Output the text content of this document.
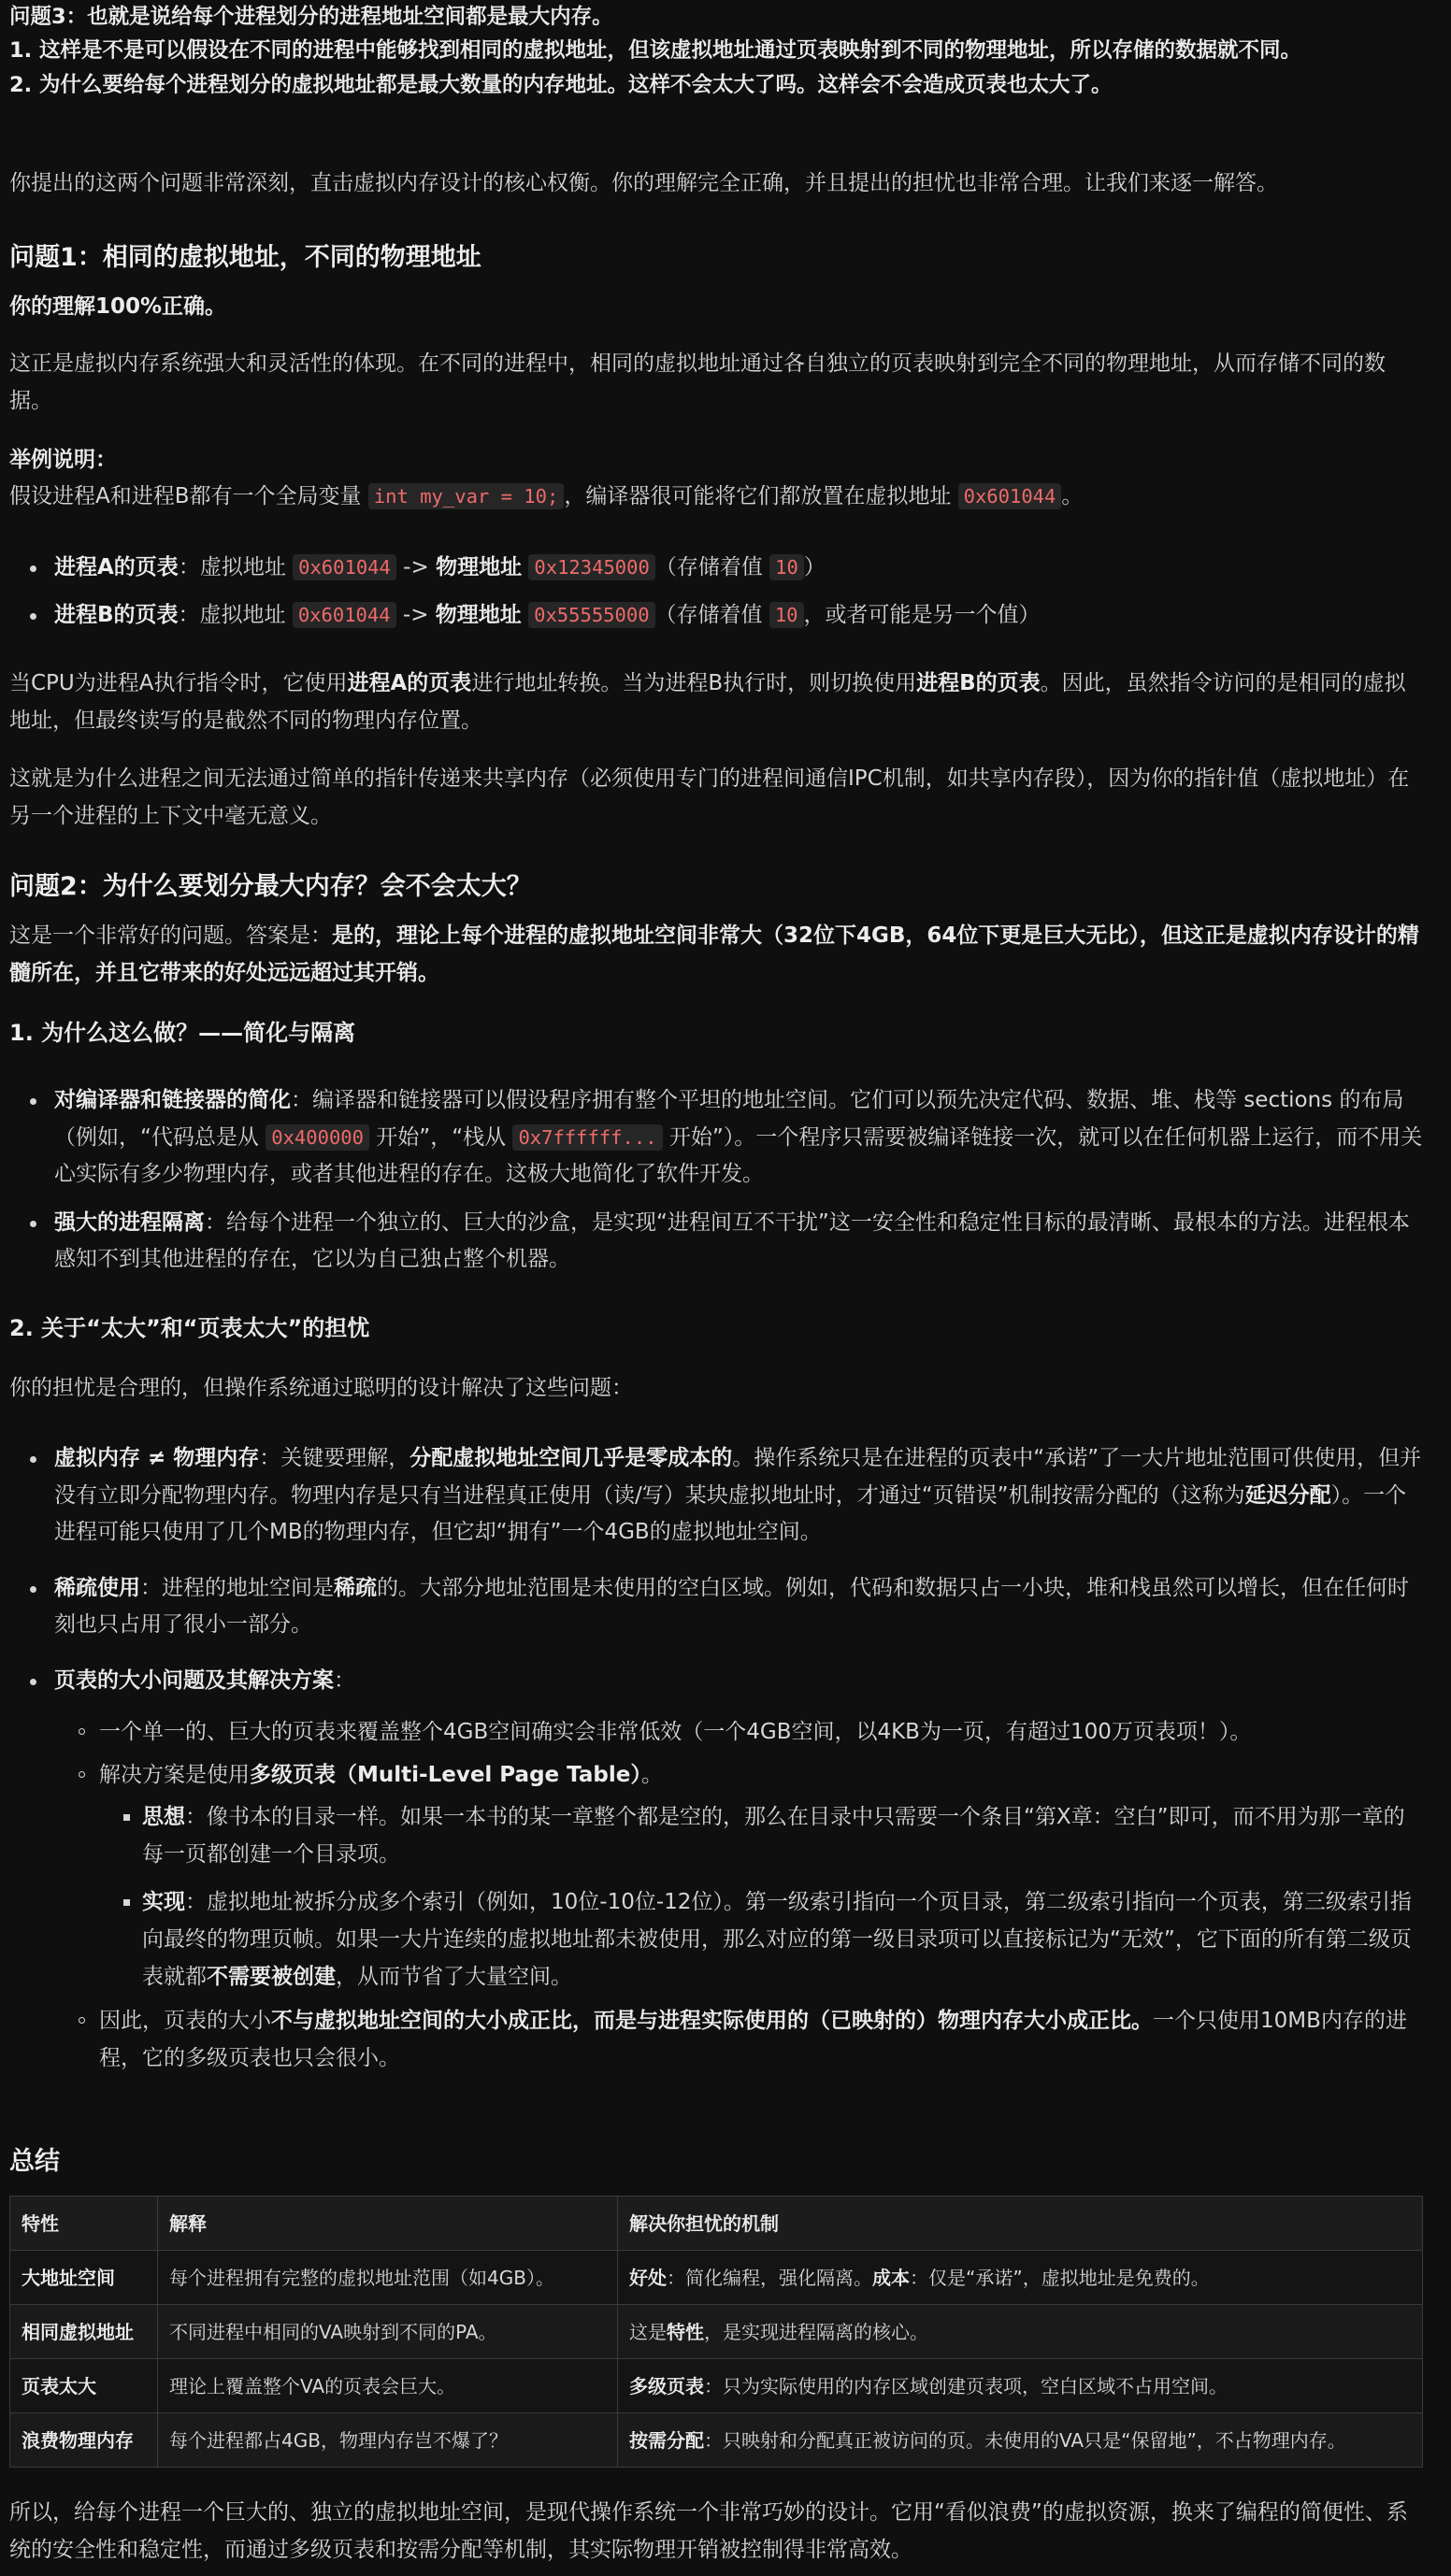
问题3：也就是说给每个进程划分的进程地址空间都是最大内存。
1. 这样是不是可以假设在不同的进程中能够找到相同的虚拟地址，但该虚拟地址通过页表映射到不同的物理地址，所以存储的数据就不同。
2. 为什么要给每个进程划分的虚拟地址都是最大数量的内存地址。这样不会太大了吗。这样会不会造成页表也太大了。

你提出的这两个问题非常深刻，直击虚拟内存设计的核心权衡。你的理解完全正确，并且提出的担忧也非常合理。让我们来逐一解答。

问题1：相同的虚拟地址，不同的物理地址

你的理解100%正确。

这正是虚拟内存系统强大和灵活性的体现。在不同的进程中，相同的虚拟地址通过各自独立的页表映射到完全不同的物理地址，从而存储不同的数据。

举例说明：

假设进程A和进程B都有一个全局变量 int my_var = 10; ，编译器很可能将它们都放置在虚拟地址 0x601044 。

进程A的页表：虚拟地址 0x601044 -> 物理地址 0x12345000 （存储着值 10 ）
进程B的页表：虚拟地址 0x601044 -> 物理地址 0x55555000 （存储着值 10 ，或者可能是另一个值）

当CPU为进程A执行指令时，它使用进程A的页表进行地址转换。当为进程B执行时，则切换使用进程B的页表。因此，虽然指令访问的是相同的虚拟地址，但最终读写的是截然不同的物理内存位置。

这就是为什么进程之间无法通过简单的指针传递来共享内存（必须使用专门的进程间通信IPC机制，如共享内存段），因为你的指针值（虚拟地址）在另一个进程的上下文中毫无意义。

问题2：为什么要划分最大内存？会不会太大？

这是一个非常好的问题。答案是：是的，理论上每个进程的虚拟地址空间非常大（32位下4GB，64位下更是巨大无比），但这正是虚拟内存设计的精髓所在，并且它带来的好处远远超过其开销。

1. 为什么这么做？——简化与隔离
对编译器和链接器的简化：编译器和链接器可以假设程序拥有整个平坦的地址空间。它们可以预先决定代码、数据、堆、栈等 sections 的布局（例如，“代码总是从 0x400000 开始”，“栈从 0x7ffffff... 开始”）。一个程序只需要被编译链接一次，就可以在任何机器上运行，而不用关心实际有多少物理内存，或者其他进程的存在。这极大地简化了软件开发。
强大的进程隔离：给每个进程一个独立的、巨大的沙盒，是实现“进程间互不干扰”这一安全性和稳定性目标的最清晰、最根本的方法。进程根本感知不到其他进程的存在，它以为自己独占整个机器。
2. 关于“太大”和“页表太大”的担忧

你的担忧是合理的，但操作系统通过聪明的设计解决了这些问题：

虚拟内存 ≠ 物理内存：关键要理解，分配虚拟地址空间几乎是零成本的。操作系统只是在进程的页表中“承诺”了一大片地址范围可供使用，但并没有立即分配物理内存。物理内存是只有当进程真正使用（读/写）某块虚拟地址时，才通过“页错误”机制按需分配的（这称为延迟分配）。一个进程可能只使用了几个MB的物理内存，但它却“拥有”一个4GB的虚拟地址空间。
稀疏使用：进程的地址空间是稀疏的。大部分地址范围是未使用的空白区域。例如，代码和数据只占一小块，堆和栈虽然可以增长，但在任何时刻也只占用了很小一部分。
页表的大小问题及其解决方案：
一个单一的、巨大的页表来覆盖整个4GB空间确实会非常低效（一个4GB空间，以4KB为一页，有超过100万页表项！）。
解决方案是使用多级页表（Multi-Level Page Table）。
思想：像书本的目录一样。如果一本书的某一章整个都是空的，那么在目录中只需要一个条目“第X章：空白”即可，而不用为那一章的每一页都创建一个目录项。
实现：虚拟地址被拆分成多个索引（例如，10位-10位-12位）。第一级索引指向一个页目录，第二级索引指向一个页表，第三级索引指向最终的物理页帧。如果一大片连续的虚拟地址都未被使用，那么对应的第一级目录项可以直接标记为“无效”，它下面的所有第二级页表就都不需要被创建，从而节省了大量空间。
因此，页表的大小不与虚拟地址空间的大小成正比，而是与进程实际使用的（已映射的）物理内存大小成正比。一个只使用10MB内存的进程，它的多级页表也只会很小。
总结
特性	解释	解决你担忧的机制
大地址空间	每个进程拥有完整的虚拟地址范围（如4GB）。	好处：简化编程，强化隔离。成本：仅是“承诺”，虚拟地址是免费的。
相同虚拟地址	不同进程中相同的VA映射到不同的PA。	这是特性，是实现进程隔离的核心。
页表太大	理论上覆盖整个VA的页表会巨大。	多级页表：只为实际使用的内存区域创建页表项，空白区域不占用空间。
浪费物理内存	每个进程都占4GB，物理内存岂不爆了？	按需分配：只映射和分配真正被访问的页。未使用的VA只是“保留地”，不占物理内存。

所以，给每个进程一个巨大的、独立的虚拟地址空间，是现代操作系统一个非常巧妙的设计。它用“看似浪费”的虚拟资源，换来了编程的简便性、系统的安全性和稳定性，而通过多级页表和按需分配等机制，其实际物理开销被控制得非常高效。
